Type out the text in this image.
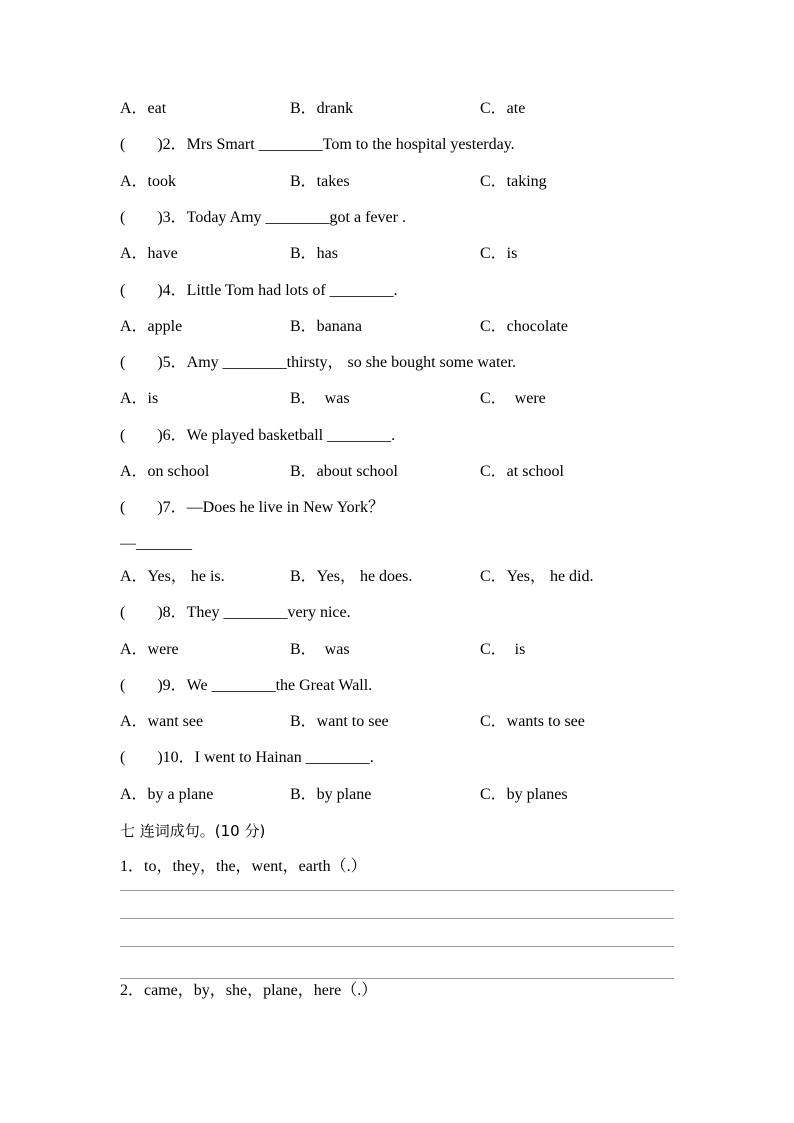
A．eat	B．drank	C．ate
(　　)2．Mrs Smart ________Tom to the hospital yesterday.
A．took	B．takes	C．taking
(　　)3．Today Amy ________got a fever .
A．have	B．has	C．is
(　　)4．Little Tom had lots of ________.
A．apple	B．banana	C．chocolate
(　　)5．Amy ________thirsty， so she bought some water.
A．is	B．  was	C．  were
(　　)6．We played basketball ________.
A．on school	B．about school	C．at school
(　　)7．—Does he live in New York？
—_______
A．Yes， he is.	B．Yes， he does.	C．Yes， he did.
(　　)8．They ________very nice.
A．were	B．  was	C．  is
(　　)9．We ________the Great Wall.
A．want see	B．want to see	C．wants to see
(　　)10．I went to Hainan ________.
A．by a plane	B．by plane	C．by planes
七 连词成句。(10 分)
1．to，they，the，went，earth（.）
2．came，by，she，plane，here（.）
